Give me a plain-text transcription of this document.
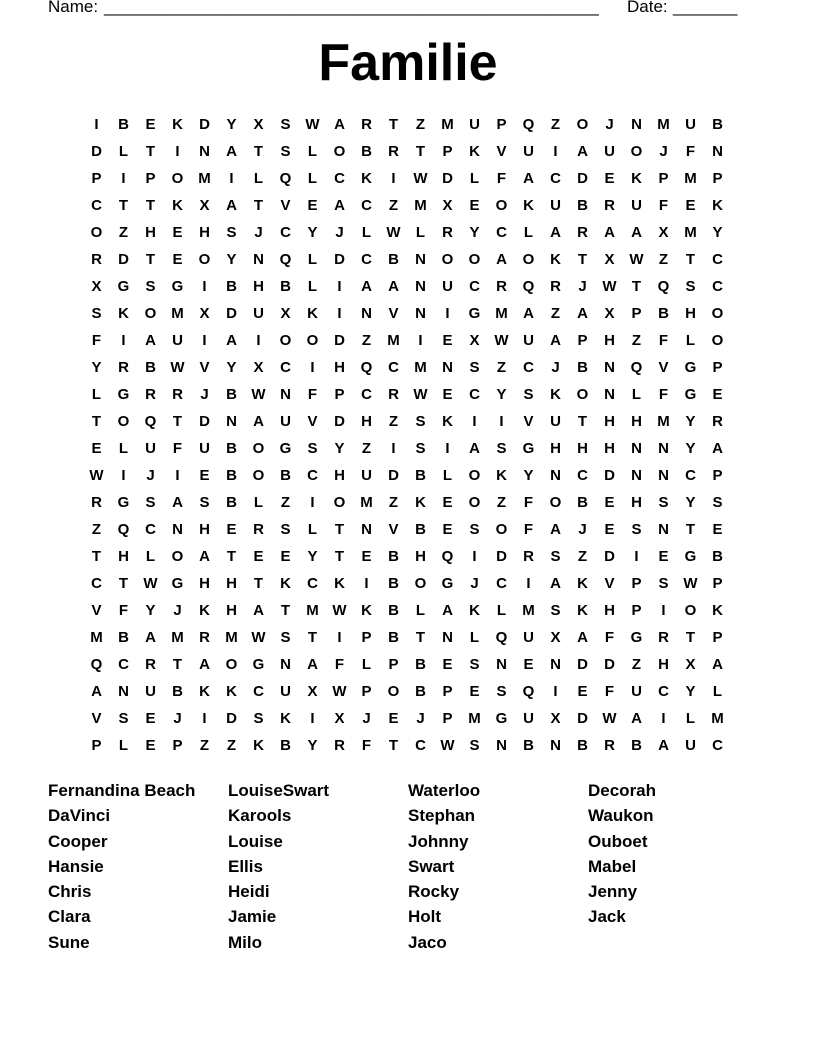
Name: ______________________________________________________ Date: _______
Familie
I	B	E	K	D	Y	X	S W A	R	T	Z	M	U	P	Q	Z	O	J	N	M	U	B
D	L	T	I	N	A	T	S	L	O	B	R	T	P	K	V	U	I	A	U	O	J	F	N
P	I	P	O M	I	L	Q	L	C	K	I	W D	L	F	A	C	D	E	K	P	M	P
C	T	T	K	X	A	T	V	E	A	C	Z	M	X	E	O	K	U	B	R	U	F	E	K
O	Z	H	E	H	S	J	C	Y	J	L	W	L	R	Y	C	L	A	R	A	A	X	M	Y
R	D	T	E	O	Y	N	Q	L	D	C	B	N	O	O	A	O	K	T	X W	Z	T	C
X	G	S	G	I	B	H	B	L	I	A	A	N	U	C	R	Q	R	J	W	T	Q	S	C
S	K	O M	X	D	U	X	K	I	N	V	N	I	G M	A	Z	A	X	P	B	H	O
F	I	A	U	I	A	I	O	O	D	Z	M	I	E	X W U	A	P	H	Z	F	L	O
Y	R	B W V	Y	X	C	I	H	Q	C	M	N	S	Z	C	J	B	N	Q	V	G	P
L	G	R	R	J	B W N	F	P	C	R W E	C	Y	S	K	O	N	L	F	G	E
T	O	Q	T	D	N	A	U	V	D	H	Z	S	K	I	I	V	U	T	H	H	M	Y	R
E	L	U	F	U	B	O	G	S	Y	Z	I	S	I	A	S	G	H	H	H	N	N	Y	A
W	I	J	I	E	B	O	B	C	H	U	D	B	L	O	K	Y	N	C	D	N	N	C	P
R	G	S	A	S	B	L	Z	I	O M	Z	K	E	O	Z	F	O	B	E	H	S	Y	S
Z	Q	C	N	H	E	R	S	L	T	N	V	B	E	S	O	F	A	J	E	S	N	T	E
T	H	L	O	A	T	E	E	Y	T	E	B	H	Q	I	D	R	S	Z	D	I	E	G	B
C	T	W G	H	H	T	K	C	K	I	B	O	G	J	C	I	A	K	V	P	S W P
V	F	Y	J	K	H	A	T	M W K	B	L	A	K	L	M	S	K	H	P	I	O	K
M	B	A	M	R	M W S	T	I	P	B	T	N	L	Q	U	X	A	F	G	R	T	P
Q	C	R	T	A	O	G	N	A	F	L	P	B	E	S	N	E	N	D	D	Z	H	X	A
A	N	U	B	K	K	C	U	X W P	O	B	P	E	S	Q	I	E	F	U	C	Y	L
V	S	E	J	I	D	S	K	I	X	J	E	J	P	M G	U	X	D W A	I	L	M
P	L	E	P	Z	Z	K	B	Y	R	F	T	C W S	N	B	N	B	R	B	A	U	C
Fernandina Beach
DaVinci
Cooper
Hansie
Chris
Clara
Sune
LouiseSwart
Karools
Louise
Ellis
Heidi
Jamie
Milo
Waterloo
Stephan
Johnny
Swart
Rocky
Holt
Jaco
Decorah
Waukon
Ouboet
Mabel
Jenny
Jack
